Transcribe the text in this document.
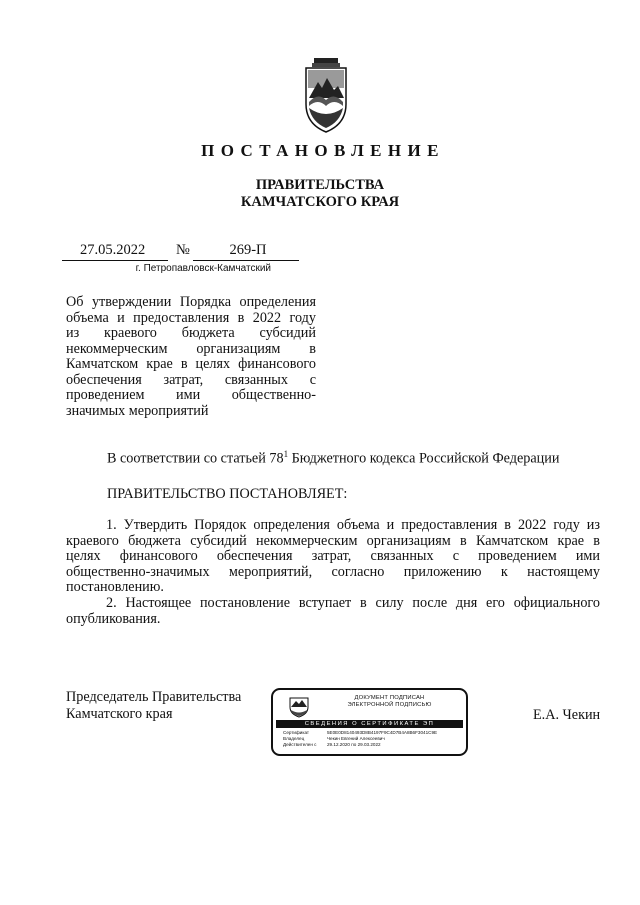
ПОСТАНОВЛЕНИЕ
ПРАВИТЕЛЬСТВА
КАМЧАТСКОГО КРАЯ
27.05.2022 №	269-П
г. Петропавловск-Камчатский
Об утверждении Порядка определения
объема и предоставления в 2022 году
из краевого бюджета субсидий
некоммерческим организациям в
Камчатском крае в целях финансового
обеспечения затрат, связанных с
проведением ими общественно-
значимых мероприятий
В соответствии со статьей $78^1$ Бюджетного кодекса Российской Федерации
ПРАВИТЕЛЬСТВО ПОСТАНОВЛЯЕТ:
1. Утвердить Порядок определения объема и предоставления в 2022 году из
краевого бюджета субсидий некоммерческим организациям в Камчатском крае в
целях финансового обеспечения затрат, связанных с проведением ими
общественно-значимых мероприятий, согласно приложению к настоящему
постановлению.
2. Настоящее постановление вступает в силу после дня его официального
опубликования.
Председатель Правительства
Камчатского края
ДОКУМЕНТ ПОДПИСАН
ЭЛЕКТРОННОЙ ПОДПИСЬЮ
СВЕДЕНИЯ О СЕРТИФИКАТЕ ЭП
Сертификат	5E0E0D8140493D8B4197F9C4D7B4A8B6F3041C9E
Владелец	Чекин Евгений Алексеевич
Действителен с	29.12.2020 по 29.03.2022
Е.А. Чекин
